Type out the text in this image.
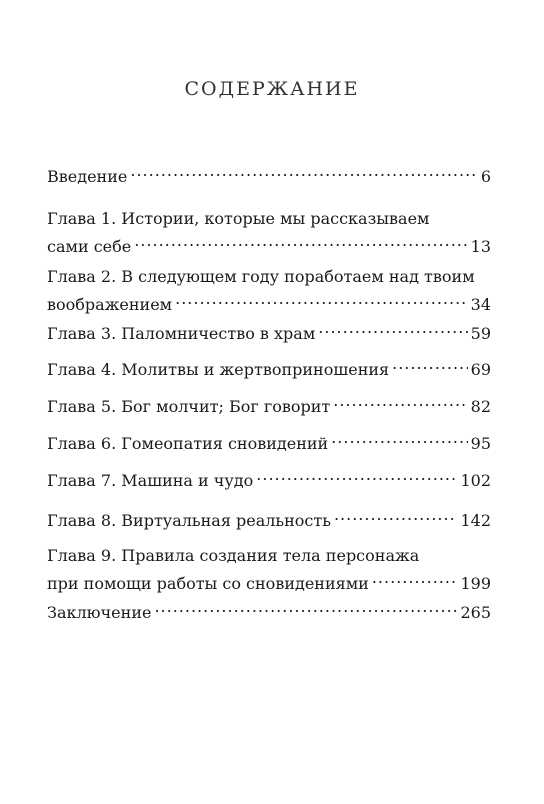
СОДЕРЖАНИЕ
Введение .....	6
Глава 1. Истории, которые мы рассказываем
сами себе .....	13
Глава 2. В следующем году поработаем над твоим
воображением .....	34
Глава 3. Паломничество в храм .....	59
Глава 4. Молитвы и жертвоприношения .....	69
Глава 5. Бог молчит; Бог говорит .....	82
Глава 6. Гомеопатия сновидений .....	95
Глава 7. Машина и чудо .....	102
Глава 8. Виртуальная реальность .....	142
Глава 9. Правила создания тела персонажа
при помощи работы со сновидениями .....	199
Заключение .....	265
